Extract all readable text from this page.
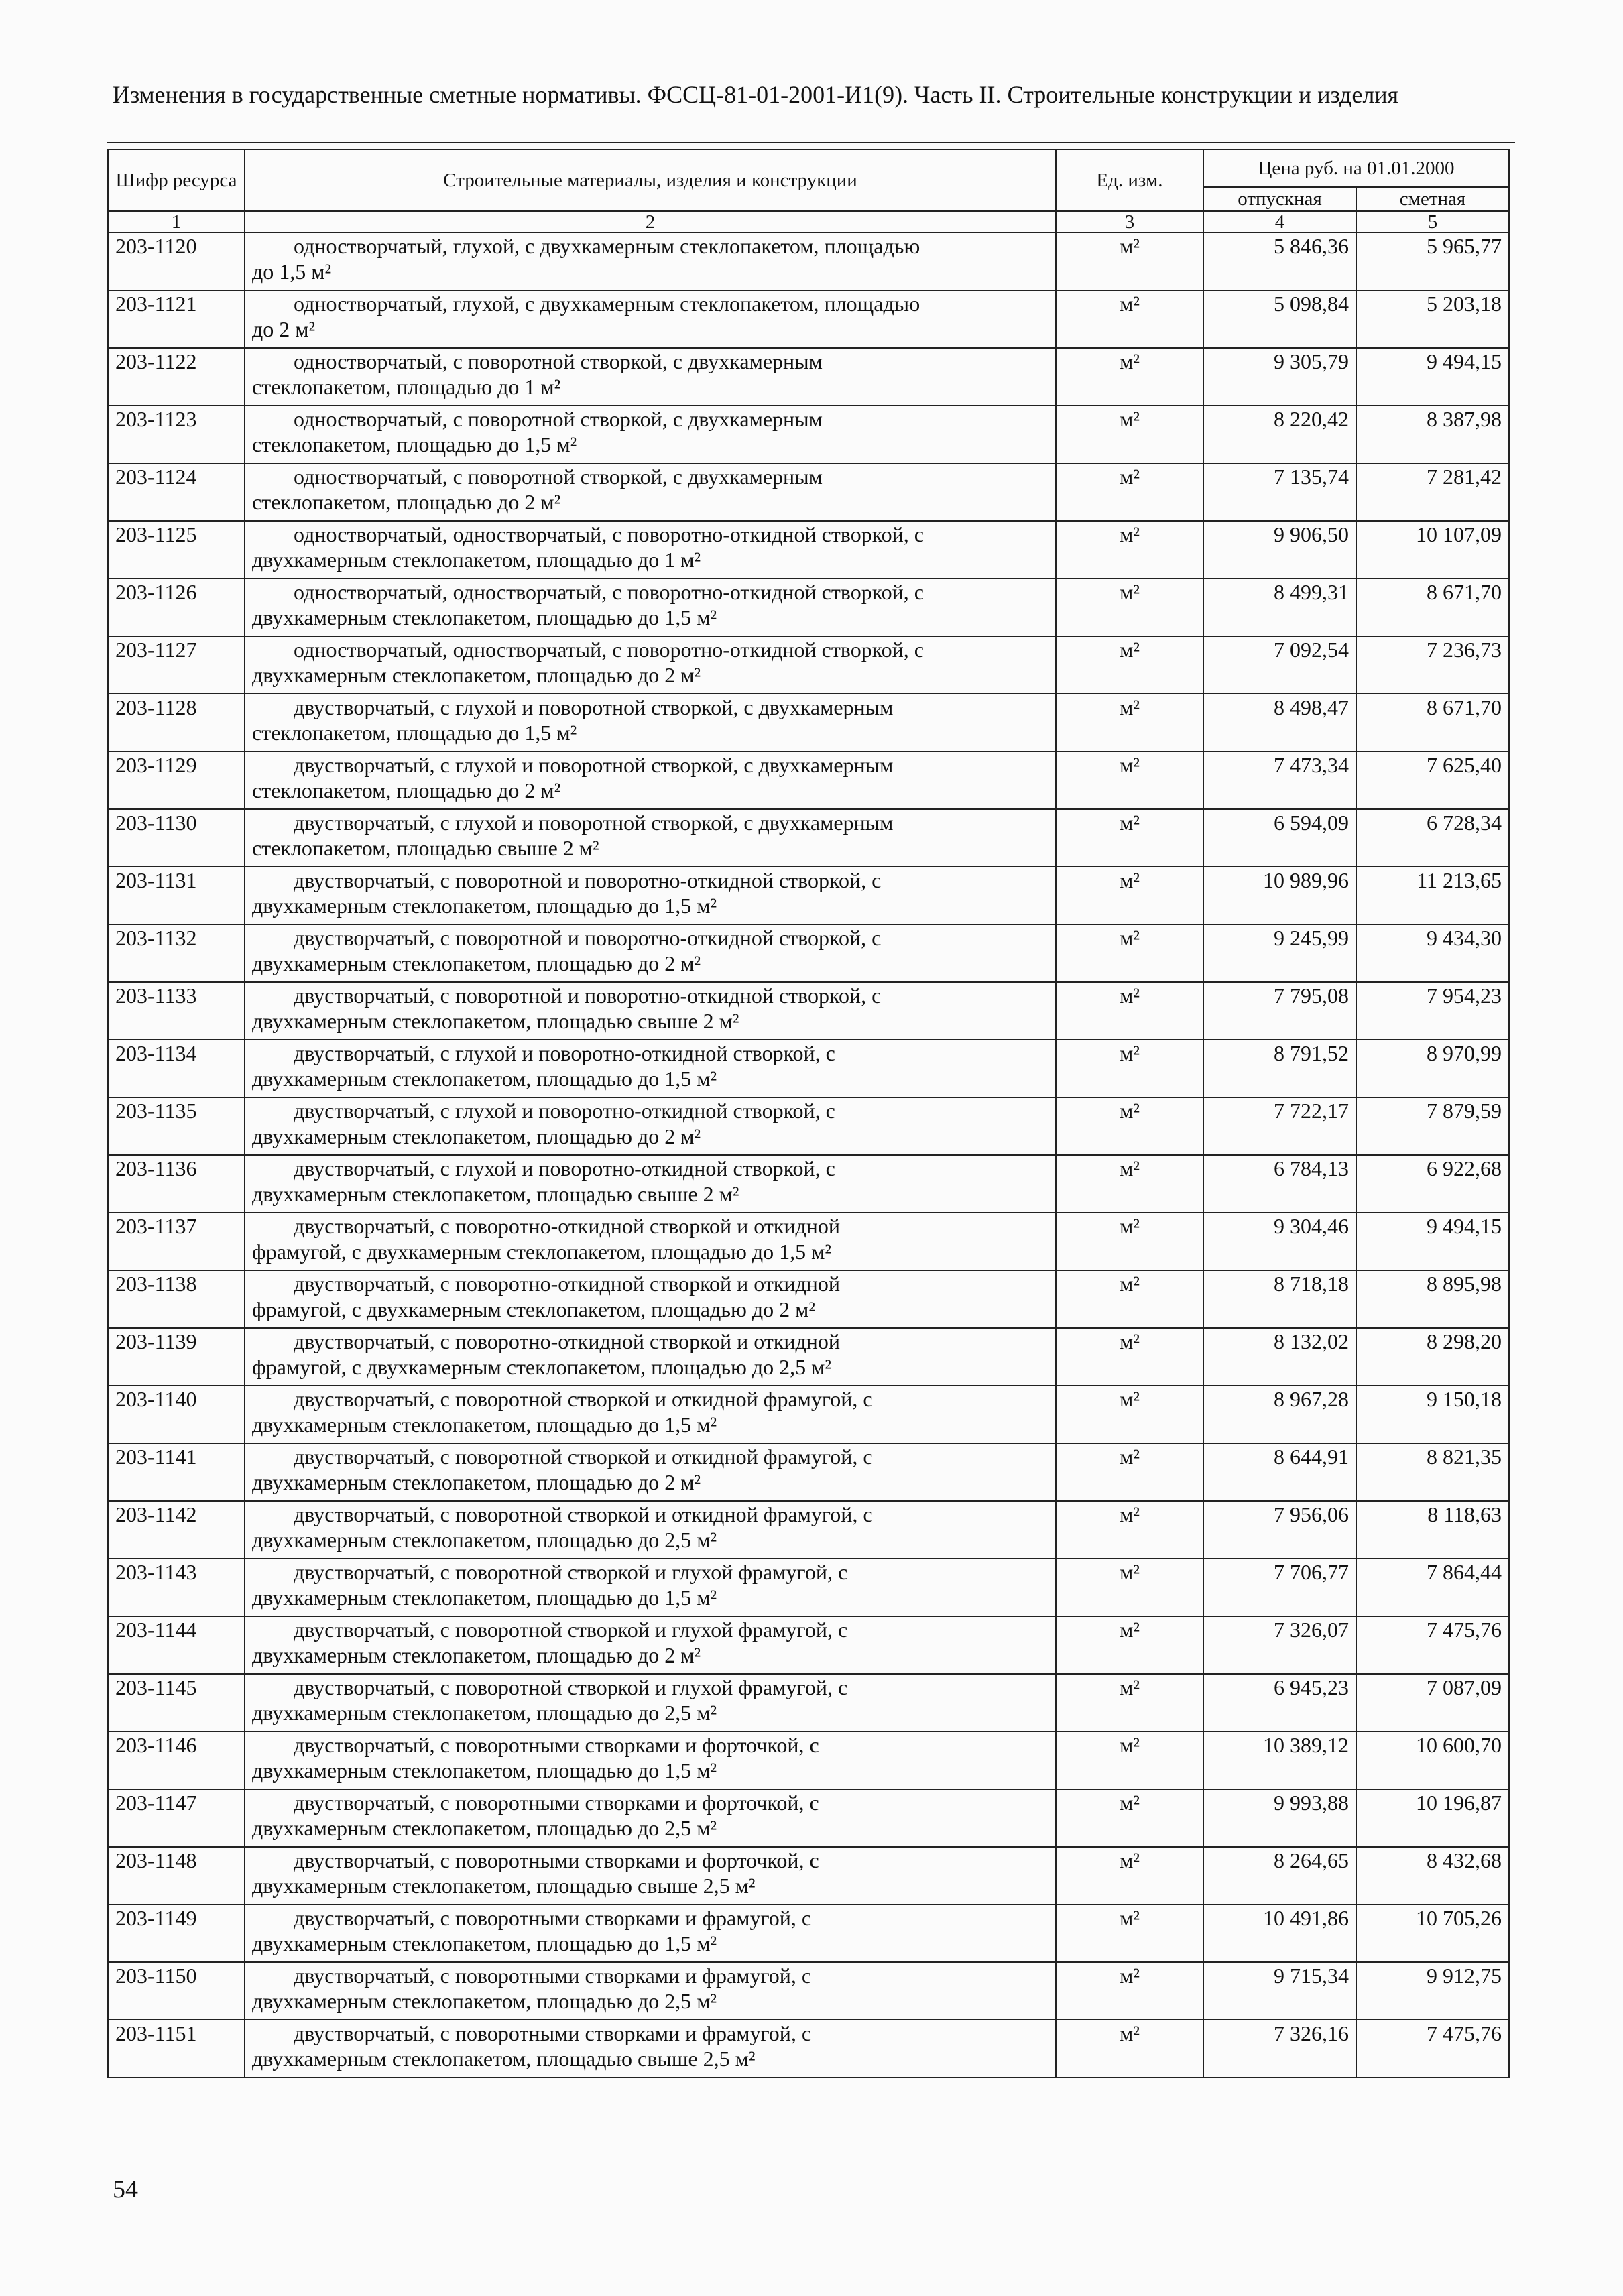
Изменения в государственные сметные нормативы. ФССЦ-81-01-2001-И1(9). Часть II. Строительные конструкции и изделия
Шифр ресурса	Строительные материалы, изделия и конструкции	Ед. изм.	Цена руб. на 01.01.2000	
			отпускная	сметная
1	2	3	4	5
203-1120	одностворчатый, глухой, с двухкамерным стеклопакетом, площадью
до 1,5 м²	м²	5 846,36	5 965,77
203-1121	одностворчатый, глухой, с двухкамерным стеклопакетом, площадью
до 2 м²	м²	5 098,84	5 203,18
203-1122	одностворчатый, с поворотной створкой, с двухкамерным
стеклопакетом, площадью до 1 м²	м²	9 305,79	9 494,15
203-1123	одностворчатый, с поворотной створкой, с двухкамерным
стеклопакетом, площадью до 1,5 м²	м²	8 220,42	8 387,98
203-1124	одностворчатый, с поворотной створкой, с двухкамерным
стеклопакетом, площадью до 2 м²	м²	7 135,74	7 281,42
203-1125	одностворчатый, одностворчатый, с поворотно-откидной створкой, с
двухкамерным стеклопакетом, площадью до 1 м²	м²	9 906,50	10 107,09
203-1126	одностворчатый, одностворчатый, с поворотно-откидной створкой, с
двухкамерным стеклопакетом, площадью до 1,5 м²	м²	8 499,31	8 671,70
203-1127	одностворчатый, одностворчатый, с поворотно-откидной створкой, с
двухкамерным стеклопакетом, площадью до 2 м²	м²	7 092,54	7 236,73
203-1128	двустворчатый, с глухой и поворотной створкой, с двухкамерным
стеклопакетом, площадью до 1,5 м²	м²	8 498,47	8 671,70
203-1129	двустворчатый, с глухой и поворотной створкой, с двухкамерным
стеклопакетом, площадью до 2 м²	м²	7 473,34	7 625,40
203-1130	двустворчатый, с глухой и поворотной створкой, с двухкамерным
стеклопакетом, площадью свыше 2 м²	м²	6 594,09	6 728,34
203-1131	двустворчатый, с поворотной и поворотно-откидной створкой, с
двухкамерным стеклопакетом, площадью до 1,5 м²	м²	10 989,96	11 213,65
203-1132	двустворчатый, с поворотной и поворотно-откидной створкой, с
двухкамерным стеклопакетом, площадью до 2 м²	м²	9 245,99	9 434,30
203-1133	двустворчатый, с поворотной и поворотно-откидной створкой, с
двухкамерным стеклопакетом, площадью свыше 2 м²	м²	7 795,08	7 954,23
203-1134	двустворчатый, с глухой и поворотно-откидной створкой, с
двухкамерным стеклопакетом, площадью до 1,5 м²	м²	8 791,52	8 970,99
203-1135	двустворчатый, с глухой и поворотно-откидной створкой, с
двухкамерным стеклопакетом, площадью до 2 м²	м²	7 722,17	7 879,59
203-1136	двустворчатый, с глухой и поворотно-откидной створкой, с
двухкамерным стеклопакетом, площадью свыше 2 м²	м²	6 784,13	6 922,68
203-1137	двустворчатый, с поворотно-откидной створкой и откидной
фрамугой, с двухкамерным стеклопакетом, площадью до 1,5 м²	м²	9 304,46	9 494,15
203-1138	двустворчатый, с поворотно-откидной створкой и откидной
фрамугой, с двухкамерным стеклопакетом, площадью до 2 м²	м²	8 718,18	8 895,98
203-1139	двустворчатый, с поворотно-откидной створкой и откидной
фрамугой, с двухкамерным стеклопакетом, площадью до 2,5 м²	м²	8 132,02	8 298,20
203-1140	двустворчатый, с поворотной створкой и откидной фрамугой, с
двухкамерным стеклопакетом, площадью до 1,5 м²	м²	8 967,28	9 150,18
203-1141	двустворчатый, с поворотной створкой и откидной фрамугой, с
двухкамерным стеклопакетом, площадью до 2 м²	м²	8 644,91	8 821,35
203-1142	двустворчатый, с поворотной створкой и откидной фрамугой, с
двухкамерным стеклопакетом, площадью до 2,5 м²	м²	7 956,06	8 118,63
203-1143	двустворчатый, с поворотной створкой и глухой фрамугой, с
двухкамерным стеклопакетом, площадью до 1,5 м²	м²	7 706,77	7 864,44
203-1144	двустворчатый, с поворотной створкой и глухой фрамугой, с
двухкамерным стеклопакетом, площадью до 2 м²	м²	7 326,07	7 475,76
203-1145	двустворчатый, с поворотной створкой и глухой фрамугой, с
двухкамерным стеклопакетом, площадью до 2,5 м²	м²	6 945,23	7 087,09
203-1146	двустворчатый, с поворотными створками и форточкой, с
двухкамерным стеклопакетом, площадью до 1,5 м²	м²	10 389,12	10 600,70
203-1147	двустворчатый, с поворотными створками и форточкой, с
двухкамерным стеклопакетом, площадью до 2,5 м²	м²	9 993,88	10 196,87
203-1148	двустворчатый, с поворотными створками и форточкой, с
двухкамерным стеклопакетом, площадью свыше 2,5 м²	м²	8 264,65	8 432,68
203-1149	двустворчатый, с поворотными створками и фрамугой, с
двухкамерным стеклопакетом, площадью до 1,5 м²	м²	10 491,86	10 705,26
203-1150	двустворчатый, с поворотными створками и фрамугой, с
двухкамерным стеклопакетом, площадью до 2,5 м²	м²	9 715,34	9 912,75
203-1151	двустворчатый, с поворотными створками и фрамугой, с
двухкамерным стеклопакетом, площадью свыше 2,5 м²	м²	7 326,16	7 475,76
54
